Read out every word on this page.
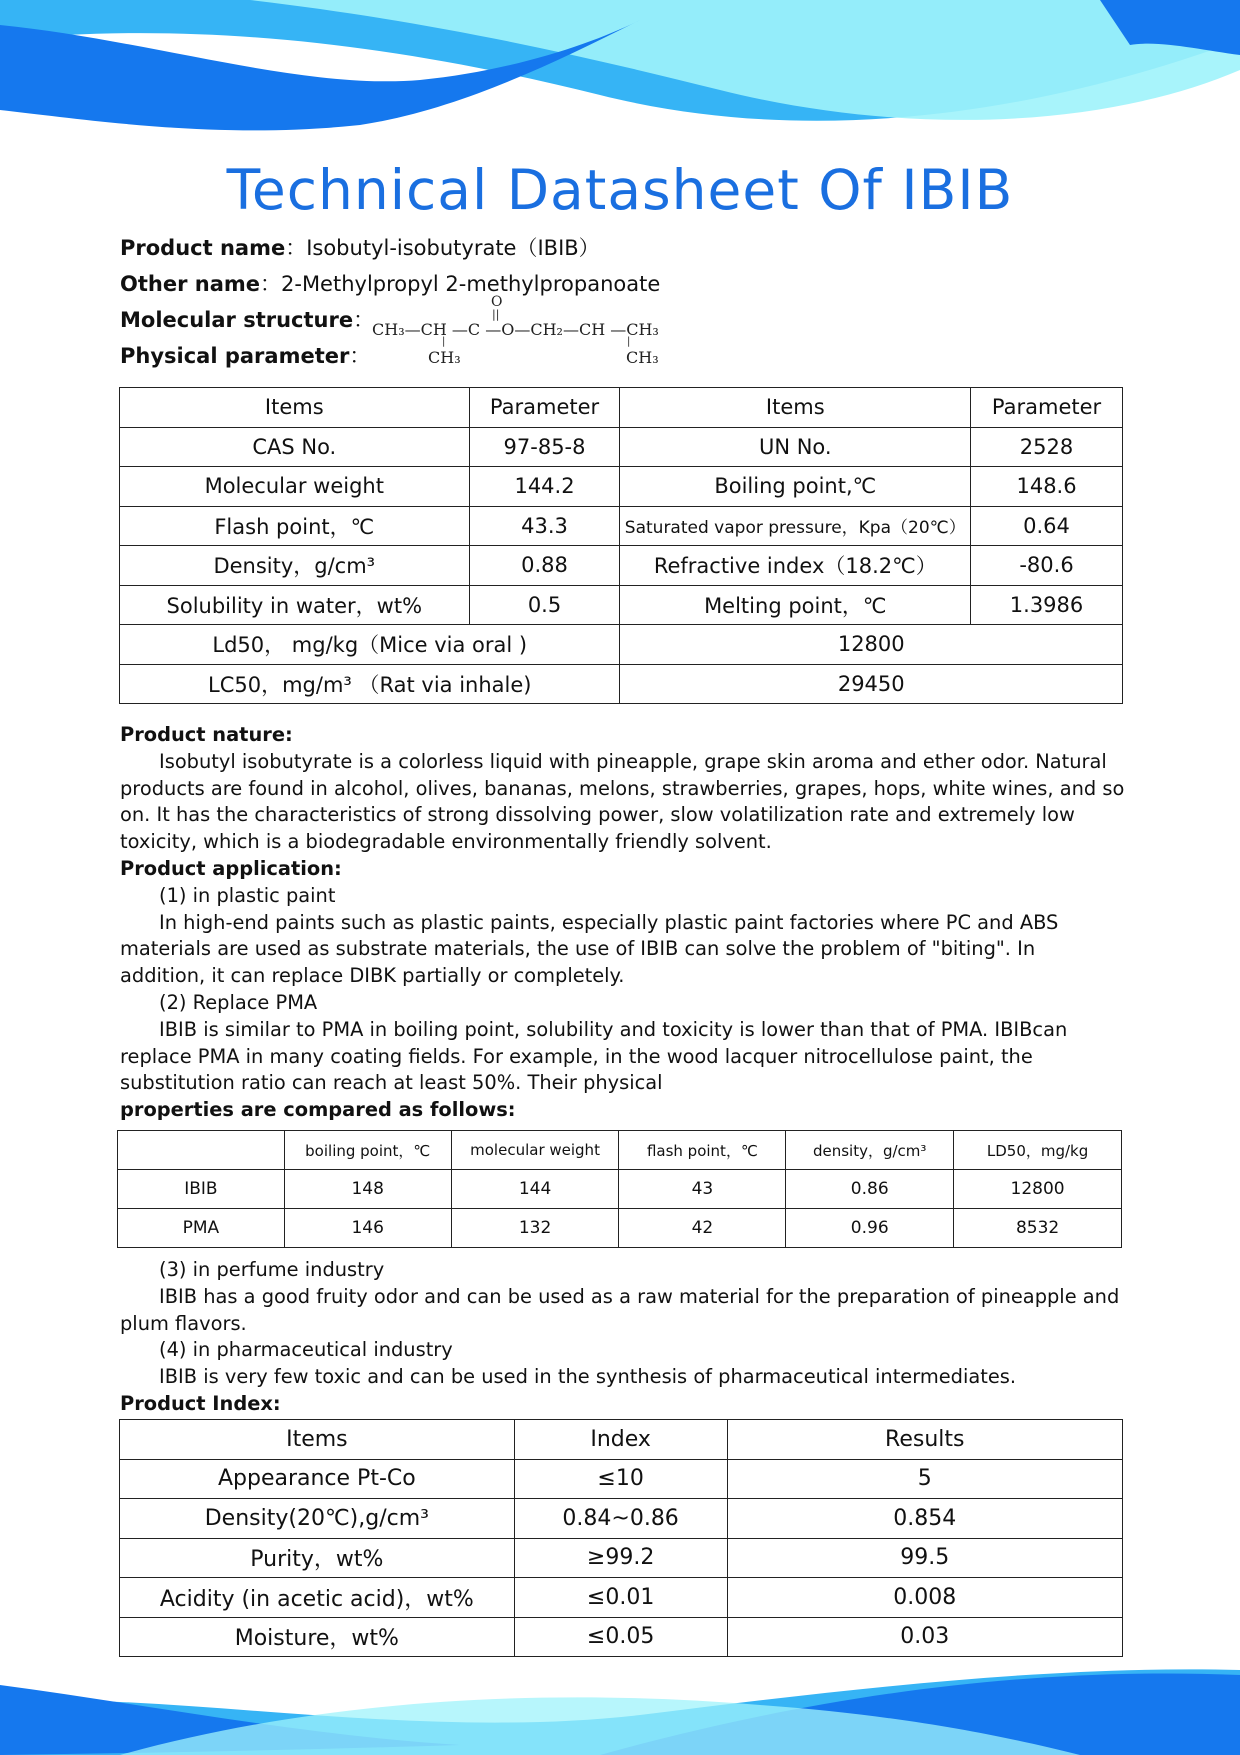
Technical Datasheet Of IBIB
Product name：Isobutyl-isobutyrate（IBIB）
Other name：2-Methylpropyl 2-methylpropanoate
Molecular structure：
Physical parameter：
O
||
CH₃—CH —C —O—CH₂—CH —CH₃
|	|
CH₃	CH₃
Items	Parameter	Items	Parameter
CAS No.	97-85-8	UN No.	2528
Molecular weight	144.2	Boiling point,℃	148.6
Flash point，℃	43.3	Saturated vapor pressure，Kpa（20℃）	0.64
Density，g/cm³	0.88	Refractive index（18.2℃）	-80.6
Solubility in water，wt%	0.5	Melting point，℃	1.3986
Ld50， mg/kg（Mice via oral )		12800	
LC50，mg/m³ （Rat via inhale)		29450	

Product nature:

Isobutyl isobutyrate is a colorless liquid with pineapple, grape skin aroma and ether odor. Natural products are found in alcohol, olives, bananas, melons, strawberries, grapes, hops, white wines, and so on. It has the characteristics of strong dissolving power, slow volatilization rate and extremely low toxicity, which is a biodegradable environmentally friendly solvent.

Product application:

(1) in plastic paint

In high-end paints such as plastic paints, especially plastic paint factories where PC and ABS materials are used as substrate materials, the use of IBIB can solve the problem of "biting". In addition, it can replace DIBK partially or completely.

(2) Replace PMA

IBIB is similar to PMA in boiling point, solubility and toxicity is lower than that of PMA. IBIBcan replace PMA in many coating fields. For example, in the wood lacquer nitrocellulose paint, the substitution ratio can reach at least 50%. Their physical

properties are compared as follows:

	boiling point，℃	molecular weight	flash point，℃	density，g/cm³	LD50，mg/kg
IBIB	148	144	43	0.86	12800
PMA	146	132	42	0.96	8532

(3) in perfume industry

IBIB has a good fruity odor and can be used as a raw material for the preparation of pineapple and plum flavors.

(4) in pharmaceutical industry

IBIB is very few toxic and can be used in the synthesis of pharmaceutical intermediates.

Product Index:

Items	Index	Results
Appearance Pt-Co	≤10	5
Density(20℃),g/cm³	0.84~0.86	0.854
Purity，wt%	≥99.2	99.5
Acidity (in acetic acid)，wt%	≤0.01	0.008
Moisture，wt%	≤0.05	0.03
